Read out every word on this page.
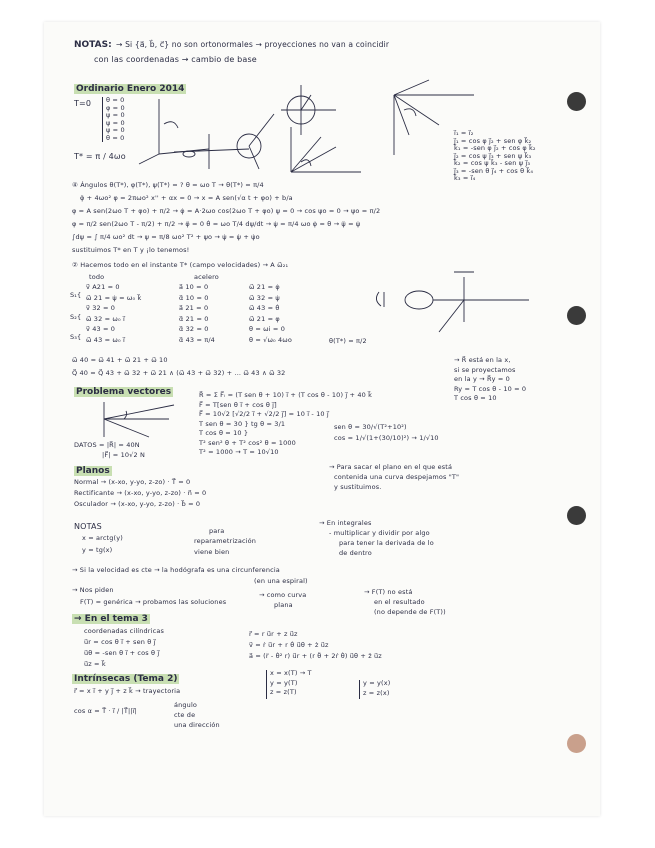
NOTAS: → Si {a⃗, b⃗, c⃗} no son ortonormales → proyecciones no van a coincidir
con las coordenadas → cambio de base
Ordinario Enero 2014
T=0 θ = 0
φ = 0
ψ = 0
ψ = 0
ψ = 0
θ = 0
T* = π / 4ωo
i⃗₁ = i⃗₂
j⃗₁ = cos φ j⃗₂ + sen φ k⃗₂
k⃗₁ = -sen φ j⃗₂ + cos φ k⃗₂
j⃗₂ = cos ψ j⃗₃ + sen ψ k⃗₃
k⃗₂ = cos ψ k⃗₃ - sen ψ j⃗₃
j⃗₃ = -sen θ j⃗₄ + cos θ k⃗₄
k⃗₃ = i⃗₄
④ Ángulos θ(T*), φ(T*), ψ(T*) = ? θ = ωo T → θ(T*) = π/4
φ̈ + 4ωo² φ = 2πωo² x'' + αx = 0 → x = A sen(√α t + φo) + b/a
φ = A sen(2ωo T + φo) + π/2 → φ̇ = A·2ωo cos(2ωo T + φo) ψ = 0 → cos ψo = 0 → ψo = π/2
φ = π/2 sen(2ωo T - π/2) + π/2 → φ̈ = 0 θ̇ = ωo T/4 dψ/dt → ψ̇ = π/4 ωo φ̇ = θ → ψ̈ = ψ̇
∫dψ = ∫ π/4 ωo² dt → ψ = π/8 ωo² T² + ψo → ψ̇ = ψ̇ + ψ̇o
sustituimos T* en T y ¡lo tenemos!
② Hacemos todo en el instante T* (campo velocidades) → A ω⃗₂₁
todo	acelero
S₁{
S₂{
S₃{
v⃗ A21 = 0
ω⃗ 21 = ψ̇ = ω₀ k⃗
v⃗ 32 = 0
ω⃗ 32 = ω₀ i⃗
v⃗ 43 = 0
ω⃗ 43 = ω₀ i⃗
a⃗ 10 = 0
α⃗ 10 = 0
a⃗ 21 = 0
α⃗ 21 = 0
α⃗ 32 = 0
α⃗ 43 = π/4
ω⃗ 21 = φ̇
ω⃗ 32 = ψ̇
ω⃗ 43 = θ̇
ω⃗ 21 = φ
θ = ωi = 0
θ = √ω₀ 4ωo	θ(T*) = π/2
ω⃗ 40 = ω⃗ 41 + ω⃗ 21 + ω⃗ 10
Q⃗ 40 = Q⃗ 43 + ω⃗ 32 + ω⃗ 21 ∧ (ω⃗ 43 + ω⃗ 32) + ... ω⃗ 43 ∧ ω⃗ 32
Problema vectores
DATOS = |R⃗| = 40N
|F⃗| = 10√2 N
R⃗ = Σ F⃗ᵢ = (T sen θ + 10) i⃗ + (T cos θ - 10) j⃗ + 40 k⃗
F⃗ = T[sen θ i⃗ + cos θ j⃗]
F⃗ = 10√2 [√2/2 i⃗ + √2/2 j⃗] = 10 i⃗ - 10 j⃗
T sen θ = 30 } tg θ = 3/1
T cos θ = 10 }
T² sen² θ + T² cos² θ = 1000
T² = 1000 → T = 10√10
sen θ = 30/√(T²+10²)
cos = 1/√(1+(30/10)²) → 1/√10
→ R⃗ está en la x,
si se proyectamos
en la y → R⃗y = 0
Ry = T cos θ - 10 = 0
T cos θ = 10
Planos
Normal → (x-xo, y-yo, z-zo) · T⃗ = 0
Rectificante → (x-xo, y-yo, z-zo) · n⃗ = 0
Osculador → (x-xo, y-yo, z-zo) · b⃗ = 0
→ Para sacar el plano en el que está
contenida una curva despejamos "T"
y sustituimos.
NOTAS
x = arctg(y)
y = tg(x)
para
reparametrización
viene bien
→ En integrales
- multiplicar y dividir por algo
para tener la derivada de lo
de dentro
→ Si la velocidad es cte → la hodógrafa es una circunferencia
(en una espiral)
→ Nos piden
F(T) = genérica → probamos las soluciones
→ como curva
plana
→ F(T) no está
en el resultado
(no depende de F(T))
→ En el tema 3
coordenadas cilíndricas
u⃗r = cos θ i⃗ + sen θ j⃗
u⃗θ = -sen θ i⃗ + cos θ j⃗
u⃗z = k⃗
r⃗ = r u⃗r + z u⃗z
v⃗ = ṙ u⃗r + r θ̇ u⃗θ + ż u⃗z
a⃗ = (r̈ - θ̇² r) u⃗r + (r θ̈ + 2ṙ θ̇) u⃗θ + z̈ u⃗z
Intrínsecas (Tema 2)
r⃗ = x i⃗ + y j⃗ + z k⃗ → trayectoria
x = x(T) → T
y = y(T)
z = z(T)
y = y(x)
z = z(x)
cos α = T⃗ · i⃗ / |T⃗||i⃗|
ángulo
cte de
una dirección
